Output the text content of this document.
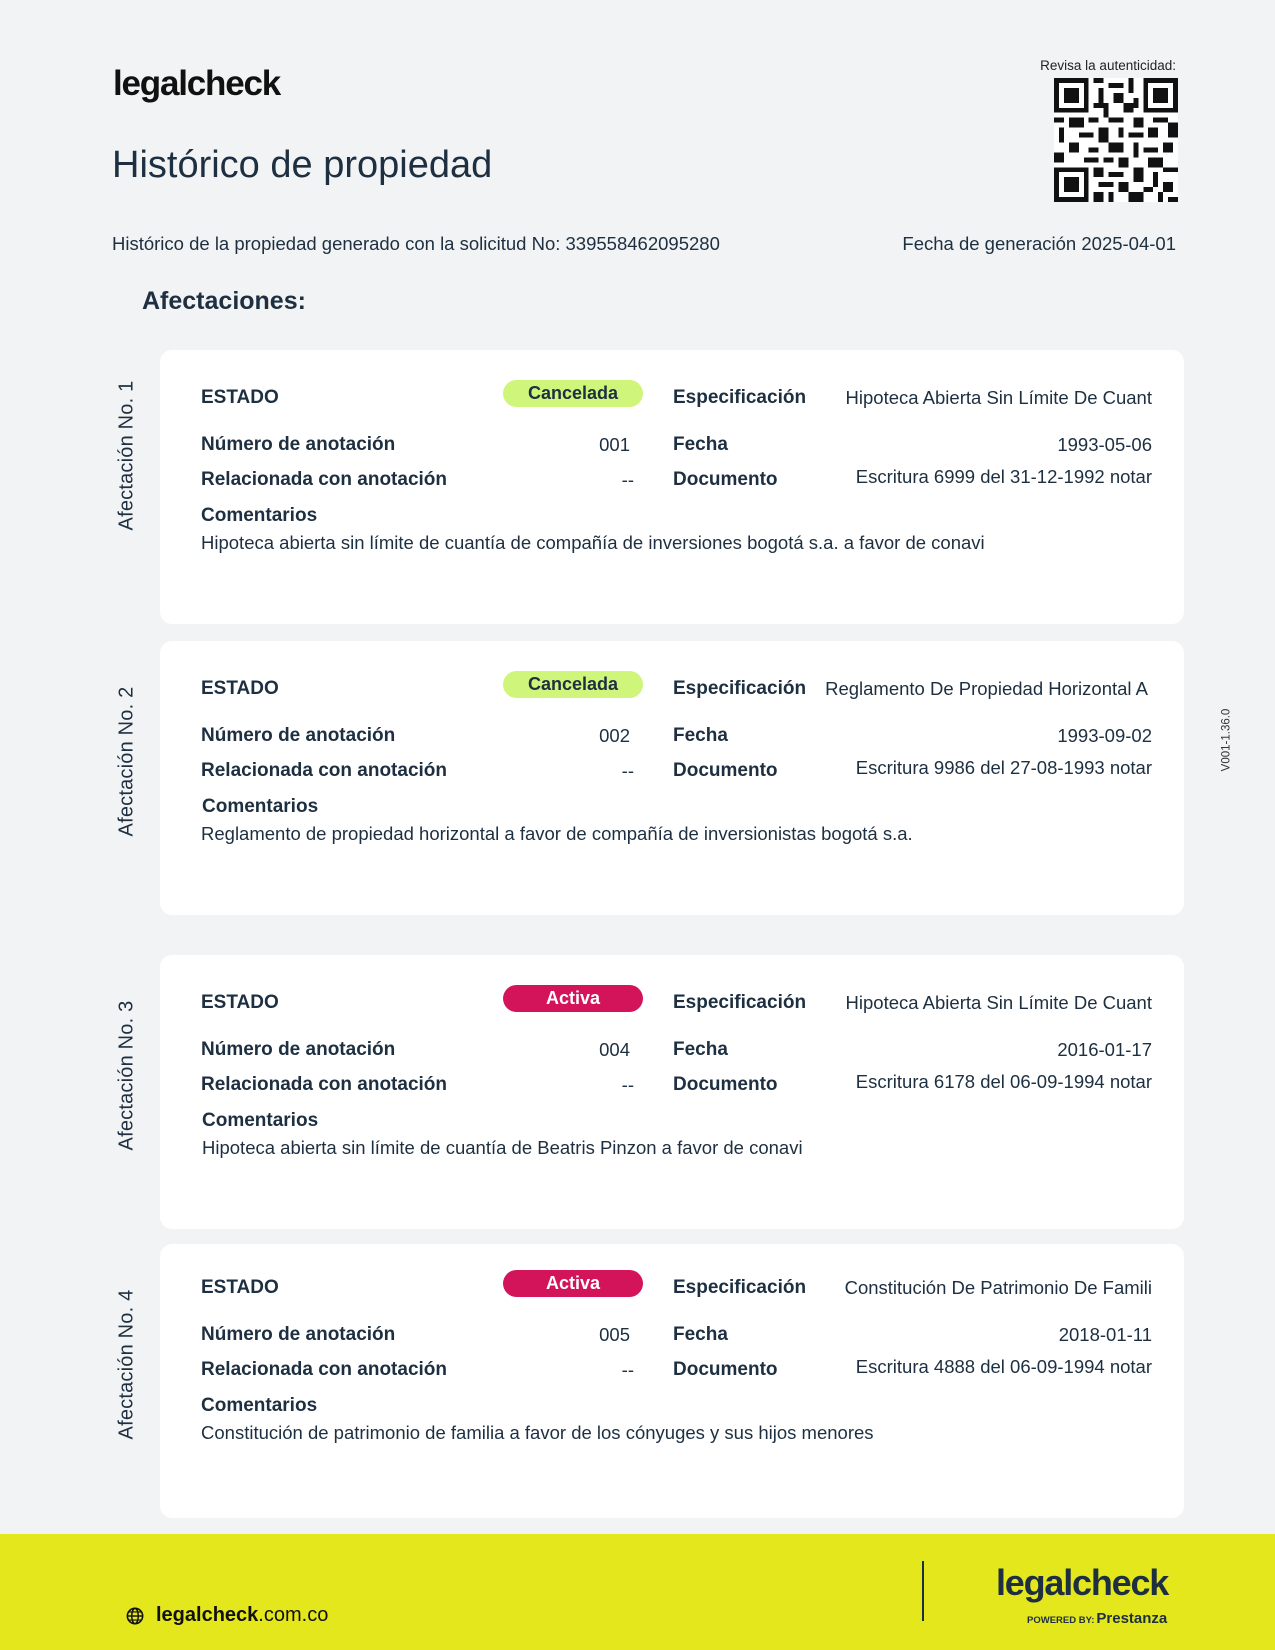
legalcheck
Histórico de propiedad
Revisa la autenticidad:
Histórico de la propiedad generado con la solicitud No: 339558462095280	Fecha de generación 2025-04-01
Afectaciones:
Afectación No. 1	ESTADO	Cancelada	Especificación Hipoteca Abierta Sin Límite De Cuant
Número de anotación	001 Fecha	1993-05-06
Relacionada con anotación	-- Documento	Escritura 6999 del 31-12-1992 notar
Comentarios
Hipoteca abierta sin límite de cuantía de compañía de inversiones bogotá s.a. a favor de conavi
Afectación No. 2	ESTADO	Cancelada	Especificación Reglamento De Propiedad Horizontal A
Número de anotación	002 Fecha	1993-09-02
Relacionada con anotación	-- Documento	Escritura 9986 del 27-08-1993 notar
Comentarios
Reglamento de propiedad horizontal a favor de compañía de inversionistas bogotá s.a.
Afectación No. 3	ESTADO	Activa	Especificación Hipoteca Abierta Sin Límite De Cuant
Número de anotación	004 Fecha	2016-01-17
Relacionada con anotación	-- Documento	Escritura 6178 del 06-09-1994 notar
Comentarios
Hipoteca abierta sin límite de cuantía de Beatris Pinzon a favor de conavi
Afectación No. 4
ESTADO	Activa	Especificación Constitución De Patrimonio De Famili
Número de anotación	005 Fecha	2018-01-11
Relacionada con anotación	-- Documento	Escritura 4888 del 06-09-1994 notar
Comentarios
Constitución de patrimonio de familia a favor de los cónyuges y sus hijos menores
V001-1.36.0
legalcheck .com.co
legalcheck
POWERED BY: Prestanza
